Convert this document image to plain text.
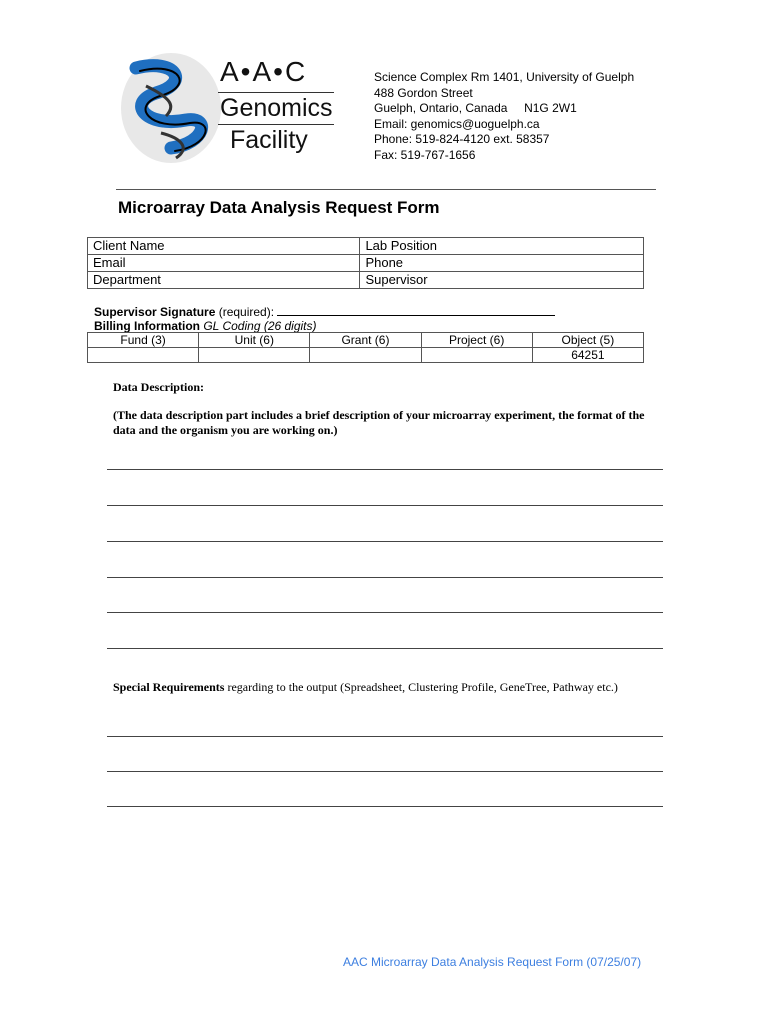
A•A•C
Genomics
Facility
Science Complex Rm 1401, University of Guelph
488 Gordon Street
Guelph, Ontario, Canada     N1G 2W1
Email: genomics@uoguelph.ca
Phone: 519-824-4120 ext. 58357
Fax: 519-767-1656
Microarray Data Analysis Request Form
Client Name	Lab Position
Email	Phone
Department	Supervisor
Supervisor Signature (required):
Billing Information GL Coding (26 digits)
Fund (3)	Unit (6)	Grant (6)	Project (6)	Object (5)
				64251
Data Description:
(The data description part includes a brief description of your microarray experiment, the format of the data and the organism you are working on.)
Special Requirements regarding to the output (Spreadsheet, Clustering Profile, GeneTree, Pathway etc.)
AAC Microarray Data Analysis Request Form (07/25/07)
